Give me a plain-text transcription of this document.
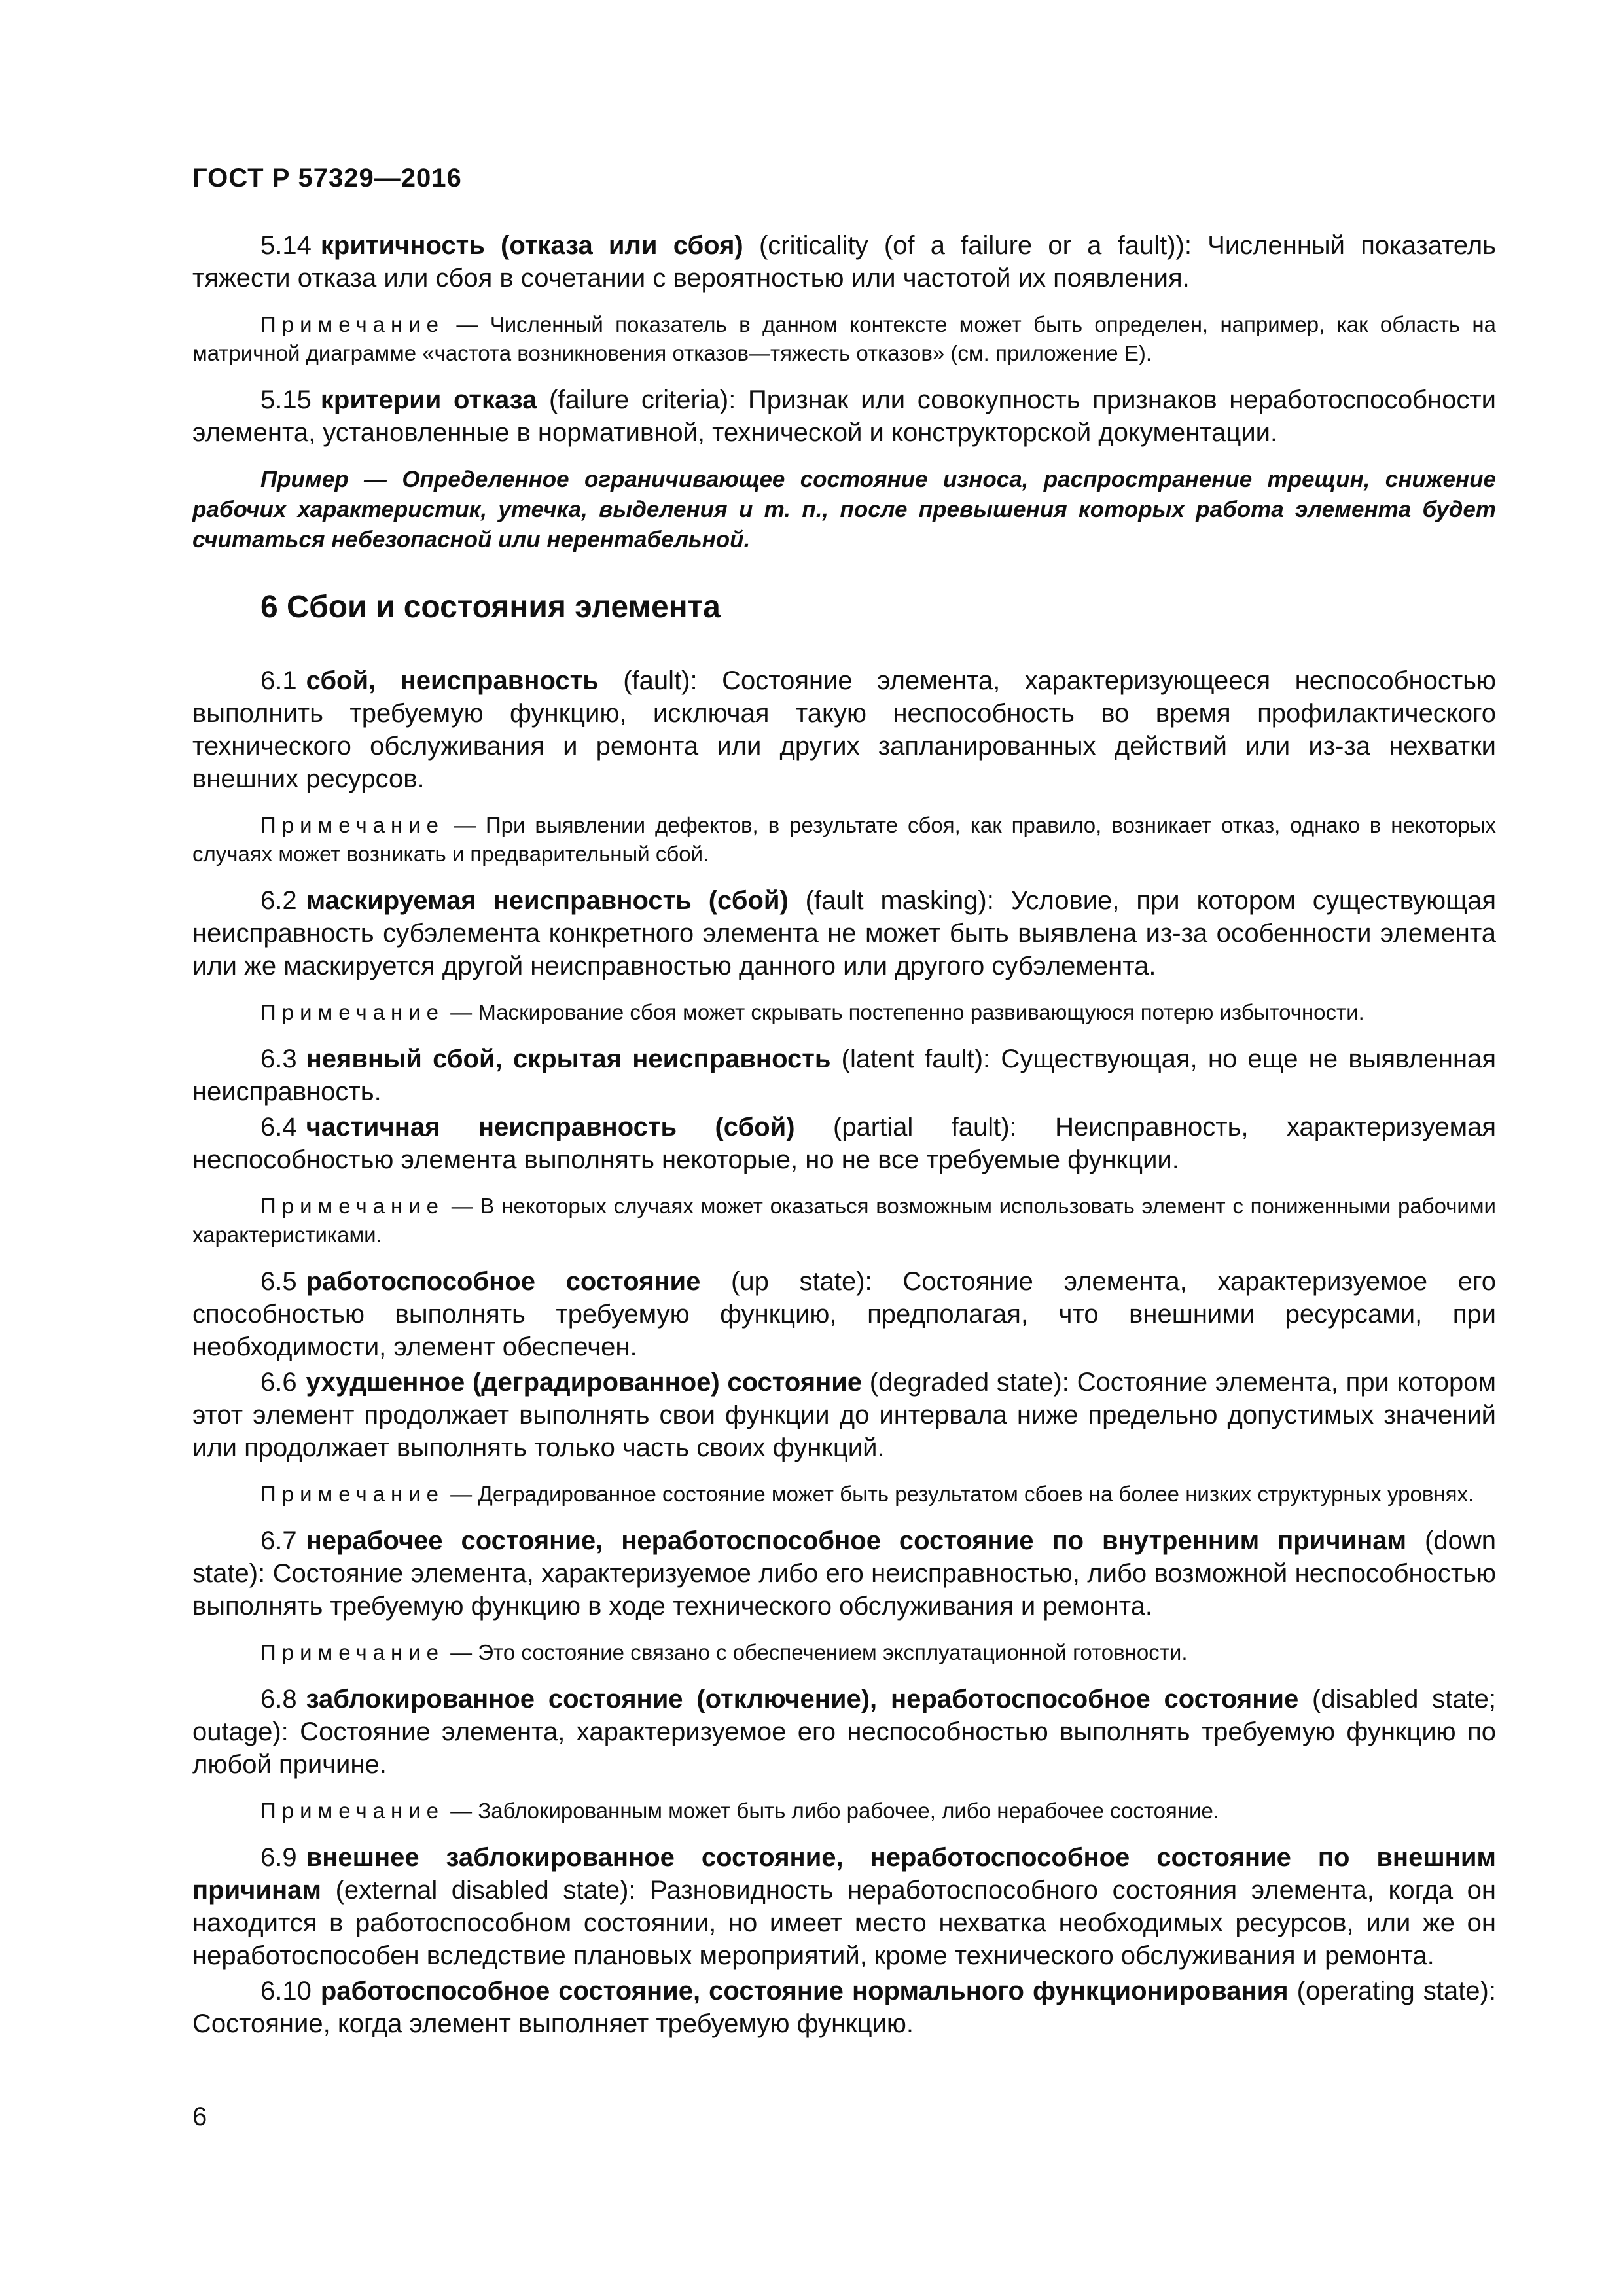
ГОСТ Р 57329—2016

5.14 критичность (отказа или сбоя) (criticality (of a failure or a fault)): Численный показатель тяжести отказа или сбоя в сочетании с вероятностью или частотой их появления.

Примечание — Численный показатель в данном контексте может быть определен, например, как область на матричной диаграмме «частота возникновения отказов—тяжесть отказов» (см. приложение Е).

5.15 критерии отказа (failure criteria): Признак или совокупность признаков неработоспособности элемента, установленные в нормативной, технической и конструкторской документации.

Пример — Определенное ограничивающее состояние износа, распространение трещин, снижение рабочих характеристик, утечка, выделения и т. п., после превышения которых работа элемента будет считаться небезопасной или нерентабельной.

6 Сбои и состояния элемента

6.1 сбой, неисправность (fault): Состояние элемента, характеризующееся неспособностью выполнить требуемую функцию, исключая такую неспособность во время профилактического технического обслуживания и ремонта или других запланированных действий или из-за нехватки внешних ресурсов.

Примечание — При выявлении дефектов, в результате сбоя, как правило, возникает отказ, однако в некоторых случаях может возникать и предварительный сбой.

6.2 маскируемая неисправность (сбой) (fault masking): Условие, при котором существующая неисправность субэлемента конкретного элемента не может быть выявлена из-за особенности элемента или же маскируется другой неисправностью данного или другого субэлемента.

Примечание — Маскирование сбоя может скрывать постепенно развивающуюся потерю избыточности.

6.3 неявный сбой, скрытая неисправность (latent fault): Существующая, но еще не выявленная неисправность.

6.4 частичная неисправность (сбой) (partial fault): Неисправность, характеризуемая неспособностью элемента выполнять некоторые, но не все требуемые функции.

Примечание — В некоторых случаях может оказаться возможным использовать элемент с пониженными рабочими характеристиками.

6.5 работоспособное состояние (up state): Состояние элемента, характеризуемое его способностью выполнять требуемую функцию, предполагая, что внешними ресурсами, при необходимости, элемент обеспечен.

6.6 ухудшенное (деградированное) состояние (degraded state): Состояние элемента, при котором этот элемент продолжает выполнять свои функции до интервала ниже предельно допустимых значений или продолжает выполнять только часть своих функций.

Примечание — Деградированное состояние может быть результатом сбоев на более низких структурных уровнях.

6.7 нерабочее состояние, неработоспособное состояние по внутренним причинам (down state): Состояние элемента, характеризуемое либо его неисправностью, либо возможной неспособностью выполнять требуемую функцию в ходе технического обслуживания и ремонта.

Примечание — Это состояние связано с обеспечением эксплуатационной готовности.

6.8 заблокированное состояние (отключение), неработоспособное состояние (disabled state; outage): Состояние элемента, характеризуемое его неспособностью выполнять требуемую функцию по любой причине.

Примечание — Заблокированным может быть либо рабочее, либо нерабочее состояние.

6.9 внешнее заблокированное состояние, неработоспособное состояние по внешним причинам (external disabled state): Разновидность неработоспособного состояния элемента, когда он находится в работоспособном состоянии, но имеет место нехватка необходимых ресурсов, или же он неработоспособен вследствие плановых мероприятий, кроме технического обслуживания и ремонта.

6.10 работоспособное состояние, состояние нормального функционирования (operating state): Состояние, когда элемент выполняет требуемую функцию.

6
